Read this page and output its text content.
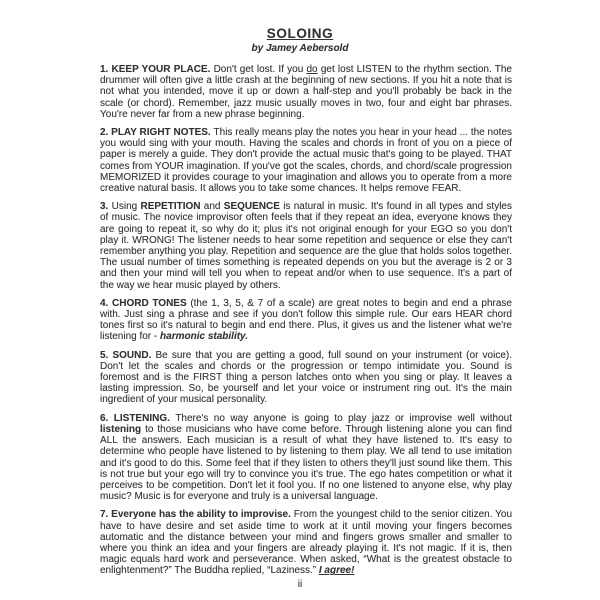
SOLOING
by Jamey Aebersold

1. KEEP YOUR PLACE. Don't get lost. If you do get lost LISTEN to the rhythm section. The drummer will often give a little crash at the beginning of new sections. If you hit a note that is not what you intended, move it up or down a half-step and you'll probably be back in the scale (or chord). Remember, jazz music usually moves in two, four and eight bar phrases. You're never far from a new phrase beginning.

2. PLAY RIGHT NOTES. This really means play the notes you hear in your head ... the notes you would sing with your mouth. Having the scales and chords in front of you on a piece of paper is merely a guide. They don't provide the actual music that's going to be played. THAT comes from YOUR imagination. If you've got the scales, chords, and chord/scale progression MEMORIZED it provides courage to your imagination and allows you to operate from a more creative natural basis. It allows you to take some chances. It helps remove FEAR.

3. Using REPETITION and SEQUENCE is natural in music. It's found in all types and styles of music. The novice improvisor often feels that if they repeat an idea, everyone knows they are going to repeat it, so why do it; plus it's not original enough for your EGO so you don't play it. WRONG! The listener needs to hear some repetition and sequence or else they can't remember anything you play. Repetition and sequence are the glue that holds solos together. The usual number of times something is repeated depends on you but the average is 2 or 3 and then your mind will tell you when to repeat and/or when to use sequence. It's a part of the way we hear music played by others.

4. CHORD TONES (the 1, 3, 5, & 7 of a scale) are great notes to begin and end a phrase with. Just sing a phrase and see if you don't follow this simple rule. Our ears HEAR chord tones first so it's natural to begin and end there. Plus, it gives us and the listener what we're listening for - harmonic stability.

5. SOUND. Be sure that you are getting a good, full sound on your instrument (or voice). Don't let the scales and chords or the progression or tempo intimidate you. Sound is foremost and is the FIRST thing a person latches onto when you sing or play. It leaves a lasting impression. So, be yourself and let your voice or instrument ring out. It's the main ingredient of your musical personality.

6. LISTENING. There's no way anyone is going to play jazz or improvise well without listening to those musicians who have come before. Through listening alone you can find ALL the answers. Each musician is a result of what they have listened to. It's easy to determine who people have listened to by listening to them play. We all tend to use imitation and it's good to do this. Some feel that if they listen to others they'll just sound like them. This is not true but your ego will try to convince you it's true. The ego hates competition or what it perceives to be competition. Don't let it fool you. If no one listened to anyone else, why play music? Music is for everyone and truly is a universal language.

7. Everyone has the ability to improvise. From the youngest child to the senior citizen. You have to have desire and set aside time to work at it until moving your fingers becomes automatic and the distance between your mind and fingers grows smaller and smaller to where you think an idea and your fingers are already playing it. It's not magic. If it is, then magic equals hard work and perseverance. When asked, “What is the greatest obstacle to enlightenment?” The Buddha replied, “Laziness.” I agree!

ii
